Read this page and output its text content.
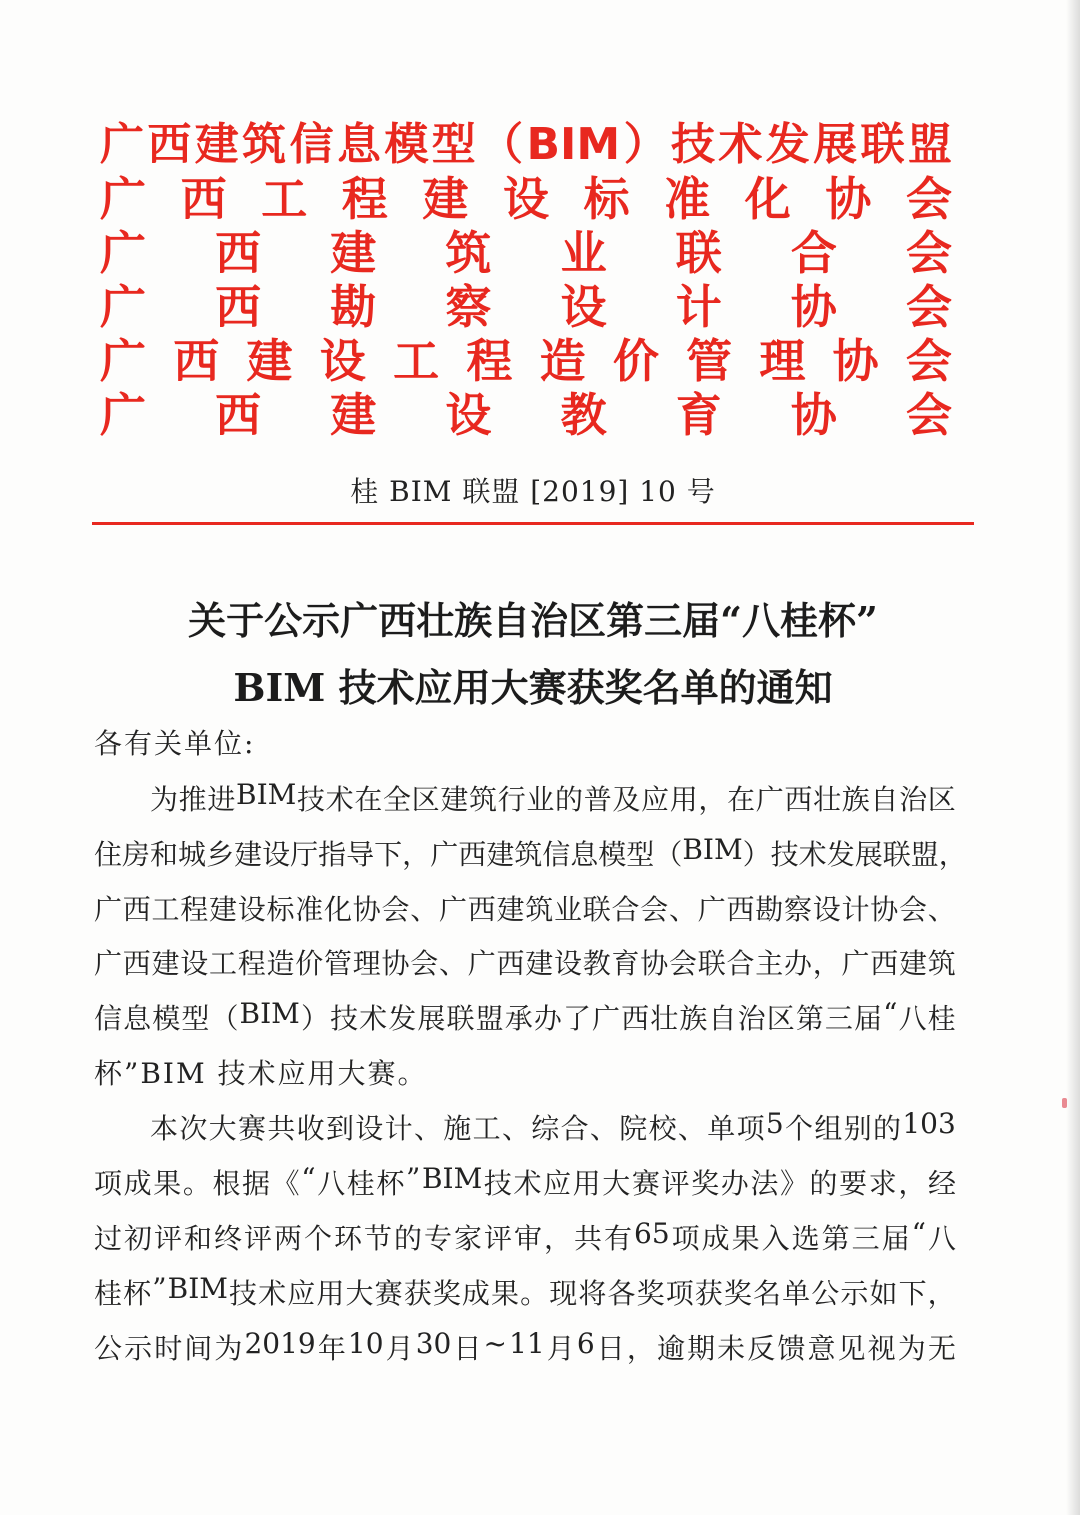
广 西 建 筑 信 息 模 型 （ BIM ） 技 术 发 展 联 盟
广 西 工 程 建 设 标 准 化 协 会
广 西 建 筑 业 联 合 会
广 西 勘 察 设 计 协 会
广 西 建 设 工 程 造 价 管 理 协 会
广 西 建 设 教 育 协 会
桂 BIM 联盟 [2019] 10 号
关于公示广西壮族自治区第三届“八桂杯”
BIM 技术应用大赛获奖名单的通知
各有关单位:
为 推 进 BIM 技 术 在 全 区 建 筑 行 业 的 普 及 应 用 ， 在 广 西 壮 族 自 治 区
住 房 和 城 乡 建 设 厅 指 导 下 ， 广 西 建 筑 信 息 模 型 （ BIM ） 技 术 发 展 联 盟 ，
广 西 工 程 建 设 标 准 化 协 会 、 广 西 建 筑 业 联 合 会 、 广 西 勘 察 设 计 协 会 、
广 西 建 设 工 程 造 价 管 理 协 会 、 广 西 建 设 教 育 协 会 联 合 主 办 ， 广 西 建 筑
信 息 模 型 （ BIM ） 技 术 发 展 联 盟 承 办 了 广 西 壮 族 自 治 区 第 三 届 “ 八 桂
杯”BIM 技术应用大赛。
本 次 大 赛 共 收 到 设 计 、 施 工 、 综 合 、 院 校 、 单 项 5 个 组 别 的 103
项 成 果 。 根 据 《 “ 八 桂 杯 ” BIM 技 术 应 用 大 赛 评 奖 办 法 》 的 要 求 ， 经
过 初 评 和 终 评 两 个 环 节 的 专 家 评 审 ， 共 有 65 项 成 果 入 选 第 三 届 “ 八
桂 杯 ” BIM 技 术 应 用 大 赛 获 奖 成 果 。 现 将 各 奖 项 获 奖 名 单 公 示 如 下 ，
公 示 时 间 为 2019 年 10 月 30 日 ~ 11 月 6 日 ， 逾 期 未 反 馈 意 见 视 为 无
